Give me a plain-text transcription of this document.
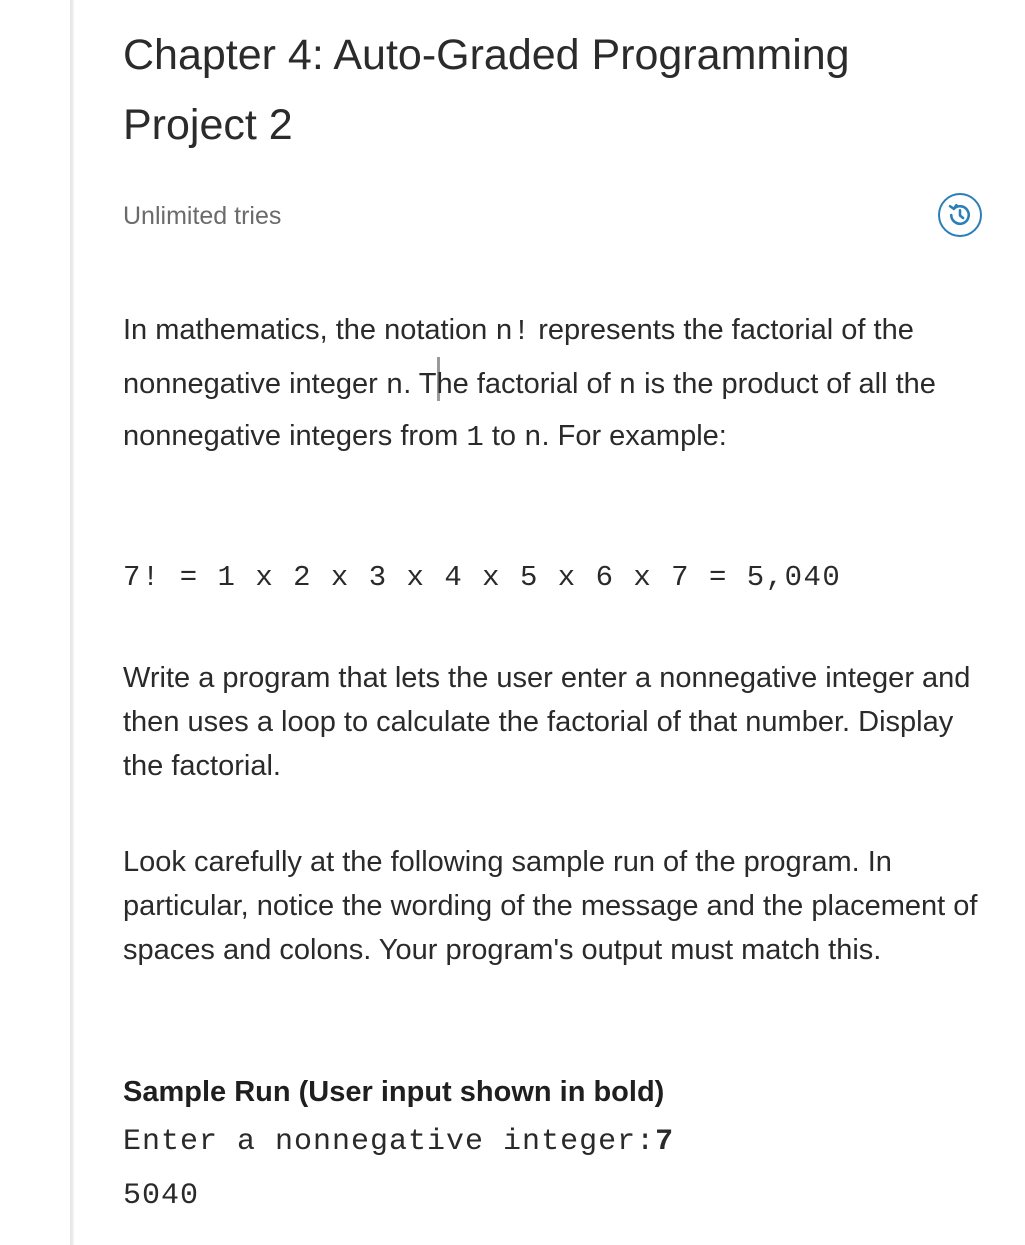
Chapter 4: Auto-Graded Programming Project 2
Unlimited tries

In mathematics, the notation n! represents the factorial of the nonnegative integer n. The factorial of n is the product of all the nonnegative integers from 1 to n. For example:

7! = 1 x 2 x 3 x 4 x 5 x 6 x 7 = 5,040

Write a program that lets the user enter a nonnegative integer and then uses a loop to calculate the factorial of that number. Display the factorial.

Look carefully at the following sample run of the program. In particular, notice the wording of the message and the placement of spaces and colons. Your program's output must match this.

Sample Run (User input shown in bold)
Enter a nonnegative integer:7
5040
